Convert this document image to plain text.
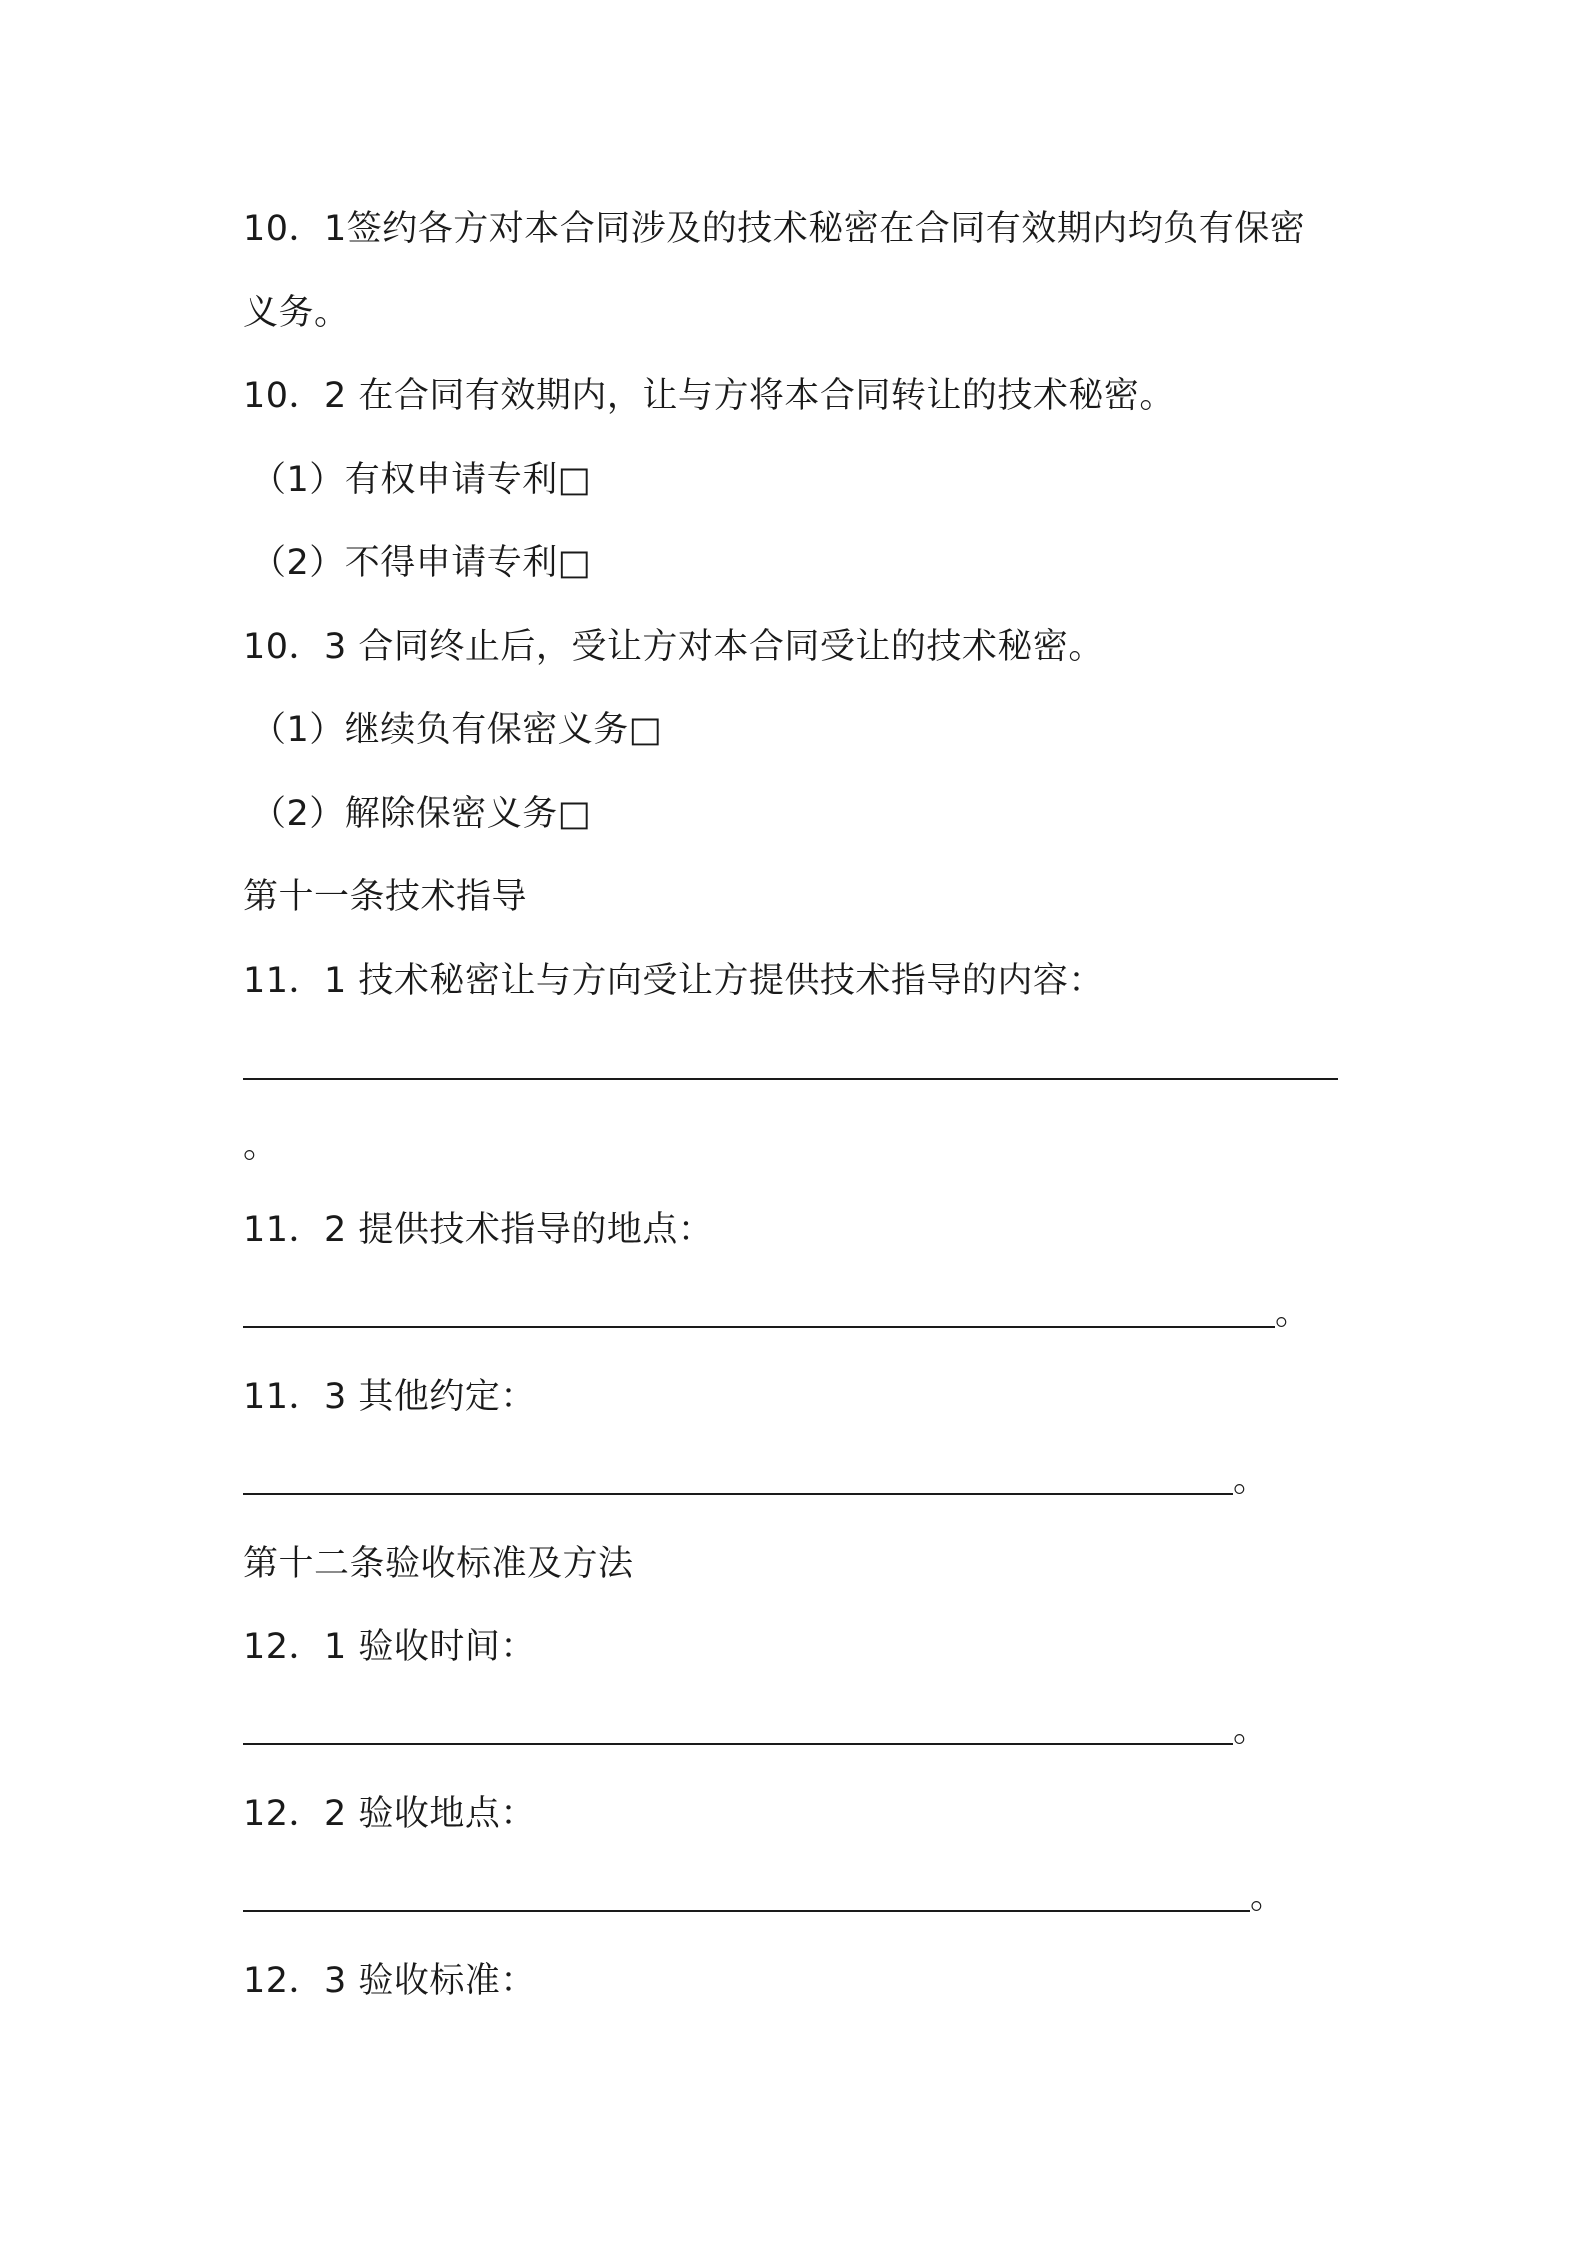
10．1签约各方对本合同涉及的技术秘密在合同有效期内均负有保密
义务。
10．2 在合同有效期内，让与方将本合同转让的技术秘密。
（1）有权申请专利□
（2）不得申请专利□
10．3 合同终止后，受让方对本合同受让的技术秘密。
（1）继续负有保密义务□
（2）解除保密义务□
第十一条技术指导
11．1 技术秘密让与方向受让方提供技术指导的内容：
。
11．2 提供技术指导的地点：
。
11．3 其他约定：
。
第十二条验收标准及方法
12．1 验收时间：
。
12．2 验收地点：
。
12．3 验收标准：
